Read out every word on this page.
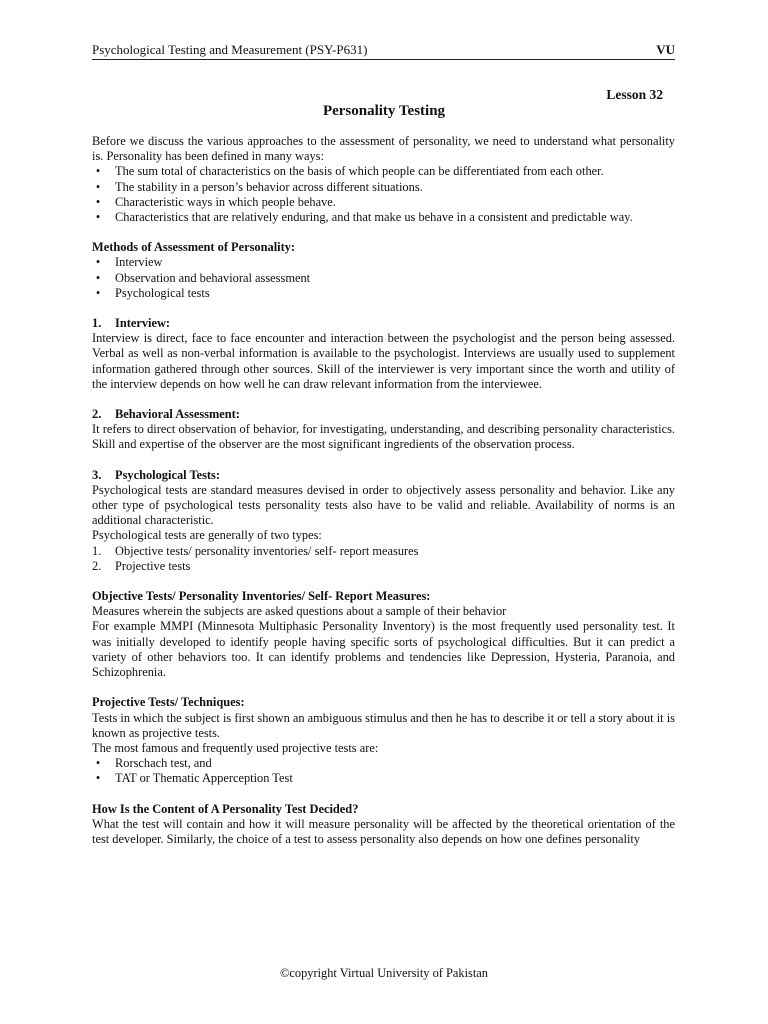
Psychological Testing and Measurement (PSY-P631)	VU
Lesson 32
Personality Testing

Before we discuss the various approaches to the assessment of personality, we need to understand what personality is. Personality has been defined in many ways:

•	The sum total of characteristics on the basis of which people can be differentiated from each other.
•	The stability in a person’s behavior across different situations.
•	Characteristic ways in which people behave.
•	Characteristics that are relatively enduring, and that make us behave in a consistent and predictable way.
Methods of Assessment of Personality:
•	Interview
•	Observation and behavioral assessment
•	Psychological tests
1. Interview:

Interview is direct, face to face encounter and interaction between the psychologist and the person being assessed. Verbal as well as non-verbal information is available to the psychologist. Interviews are usually used to supplement information gathered through other sources. Skill of the interviewer is very important since the worth and utility of the interview depends on how well he can draw relevant information from the interviewee.

2. Behavioral Assessment:

It refers to direct observation of behavior, for investigating, understanding, and describing personality characteristics. Skill and expertise of the observer are the most significant ingredients of the observation process.

3. Psychological Tests:

Psychological tests are standard measures devised in order to objectively assess personality and behavior. Like any other type of psychological tests personality tests also have to be valid and reliable. Availability of norms is an additional characteristic.

Psychological tests are generally of two types:

1. Objective tests/ personality inventories/ self- report measures
2. Projective tests
Objective Tests/ Personality Inventories/ Self- Report Measures:

Measures wherein the subjects are asked questions about a sample of their behavior

For example MMPI (Minnesota Multiphasic Personality Inventory) is the most frequently used personality test. It was initially developed to identify people having specific sorts of psychological difficulties. But it can predict a variety of other behaviors too. It can identify problems and tendencies like Depression, Hysteria, Paranoia, and Schizophrenia.

Projective Tests/ Techniques:

Tests in which the subject is first shown an ambiguous stimulus and then he has to describe it or tell a story about it is known as projective tests.

The most famous and frequently used projective tests are:

•	Rorschach test, and
•	TAT or Thematic Apperception Test
How Is the Content of A Personality Test Decided?

What the test will contain and how it will measure personality will be affected by the theoretical orientation of the test developer. Similarly, the choice of a test to assess personality also depends on how one defines personality

©copyright Virtual University of Pakistan
